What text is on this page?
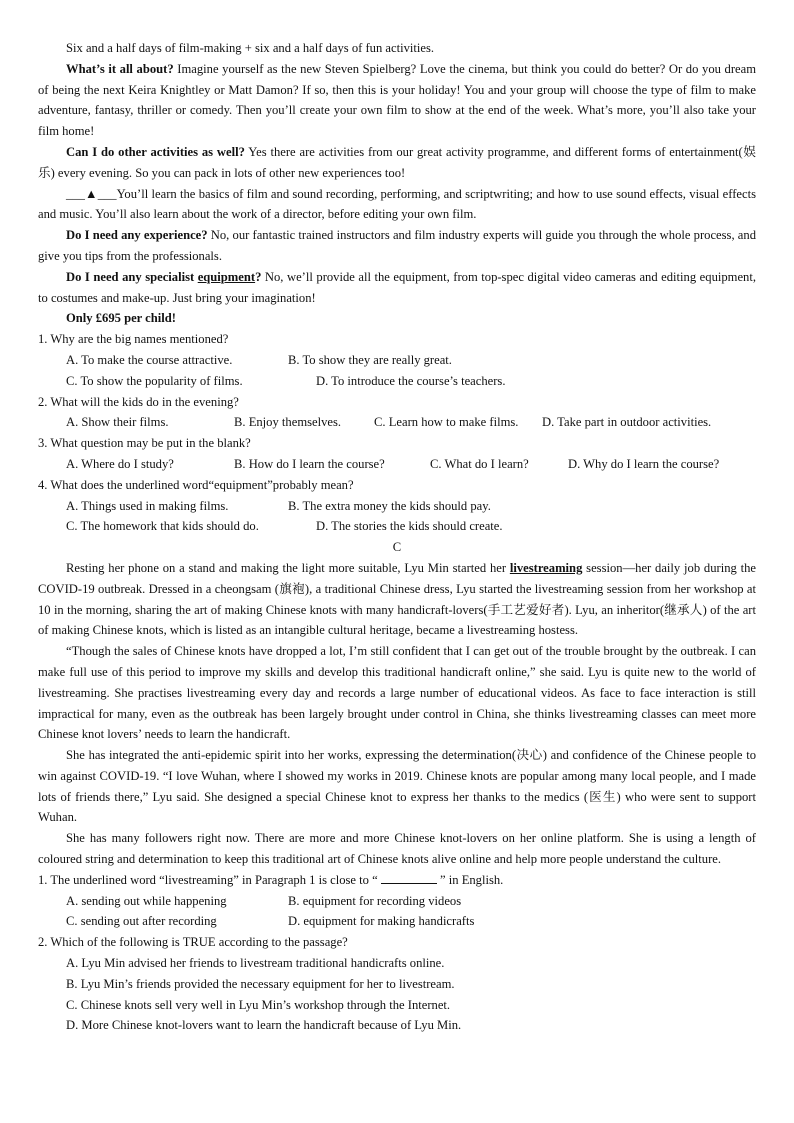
Six and a half days of film-making + six and a half days of fun activities.

What’s it all about? Imagine yourself as the new Steven Spielberg? Love the cinema, but think you could do better? Or do you dream of being the next Keira Knightley or Matt Damon? If so, then this is your holiday! You and your group will choose the type of film to make adventure, fantasy, thriller or comedy. Then you’ll create your own film to show at the end of the week. What’s more, you’ll also take your film home!

Can I do other activities as well? Yes there are activities from our great activity programme, and different forms of entertainment(娱乐) every evening. So you can pack in lots of other new experiences too!

___▲___You’ll learn the basics of film and sound recording, performing, and scriptwriting; and how to use sound effects, visual effects and music. You’ll also learn about the work of a director, before editing your own film.

Do I need any experience? No, our fantastic trained instructors and film industry experts will guide you through the whole process, and give you tips from the professionals.

Do I need any specialist equipment? No, we’ll provide all the equipment, from top-spec digital video cameras and editing equipment, to costumes and make-up. Just bring your imagination!

Only £695 per child!

1. Why are the big names mentioned?

A. To make the course attractive.	B. To show they are really great.
C. To show the popularity of films.	D. To introduce the course’s teachers.

2. What will the kids do in the evening?

A. Show their films.	B. Enjoy themselves.	C. Learn how to make films.	D. Take part in outdoor activities.

3. What question may be put in the blank?

A. Where do I study?	B. How do I learn the course?	C. What do I learn?	D. Why do I learn the course?

4. What does the underlined word“equipment”probably mean?

A. Things used in making films.	B. The extra money the kids should pay.
C. The homework that kids should do.	D. The stories the kids should create.

C

Resting her phone on a stand and making the light more suitable, Lyu Min started her livestreaming session—her daily job during the COVID-19 outbreak. Dressed in a cheongsam (旗袍), a traditional Chinese dress, Lyu started the livestreaming session from her workshop at 10 in the morning, sharing the art of making Chinese knots with many handicraft-lovers(手工艺爱好者). Lyu, an inheritor(继承人) of the art of making Chinese knots, which is listed as an intangible cultural heritage, became a livestreaming hostess.

“Though the sales of Chinese knots have dropped a lot, I’m still confident that I can get out of the trouble brought by the outbreak. I can make full use of this period to improve my skills and develop this traditional handicraft online,” she said. Lyu is quite new to the world of livestreaming. She practises livestreaming every day and records a large number of educational videos. As face to face interaction is still impractical for many, even as the outbreak has been largely brought under control in China, she thinks livestreaming classes can meet more Chinese knot lovers’ needs to learn the handicraft.

She has integrated the anti-epidemic spirit into her works, expressing the determination(决心) and confidence of the Chinese people to win against COVID-19. “I love Wuhan, where I showed my works in 2019. Chinese knots are popular among many local people, and I made lots of friends there,” Lyu said. She designed a special Chinese knot to express her thanks to the medics (医生) who were sent to support Wuhan.

She has many followers right now. There are more and more Chinese knot-lovers on her online platform. She is using a length of coloured string and determination to keep this traditional art of Chinese knots alive online and help more people understand the culture.

1. The underlined word “livestreaming” in Paragraph 1 is close to “	” in English.

A. sending out while happening	B. equipment for recording videos
C. sending out after recording	D. equipment for making handicrafts

2. Which of the following is TRUE according to the passage?

A. Lyu Min advised her friends to livestream traditional handicrafts online.

B. Lyu Min’s friends provided the necessary equipment for her to livestream.

C. Chinese knots sell very well in Lyu Min’s workshop through the Internet.

D. More Chinese knot-lovers want to learn the handicraft because of Lyu Min.
